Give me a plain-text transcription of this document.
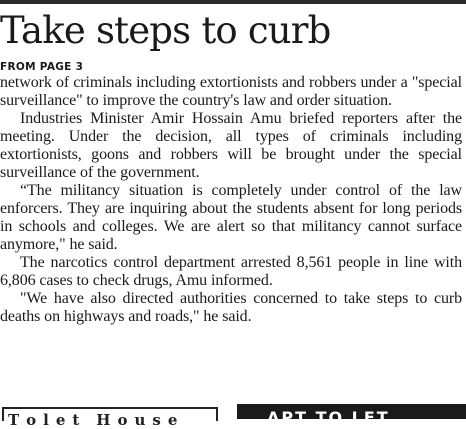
Take steps to curb
FROM PAGE 3

network of criminals including extortionists and robbers under a "special surveillance" to improve the country's law and order situation.

Industries Minister Amir Hossain Amu briefed reporters after the meeting. Under the decision, all types of criminals including extortionists, goons and robbers will be brought under the special surveillance of the government.

“The militancy situation is completely under control of the law enforcers. They are inquiring about the students absent for long periods in schools and colleges. We are alert so that militancy cannot surface anymore," he said.

The narcotics control department arrested 8,561 people in line with 6,806 cases to check drugs, Amu informed.

"We have also directed authorities concerned to take steps to curb deaths on highways and roads," he said.

T o l e t   H o u s e	APT TO LET
